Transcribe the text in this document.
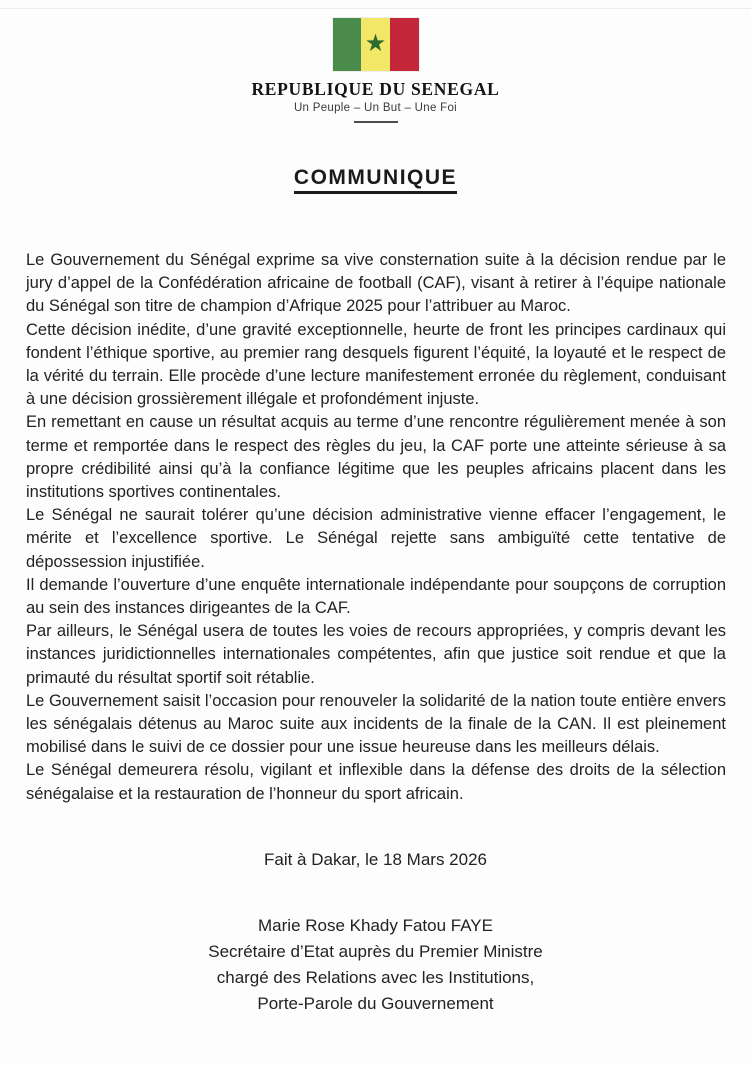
★
REPUBLIQUE DU SENEGAL
Un Peuple – Un But – Une Foi
COMMUNIQUE

Le Gouvernement du Sénégal exprime sa vive consternation suite à la décision rendue par le jury d’appel de la Confédération africaine de football (CAF), visant à retirer à l’équipe nationale du Sénégal son titre de champion d’Afrique 2025 pour l’attribuer au Maroc.

Cette décision inédite, d’une gravité exceptionnelle, heurte de front les principes cardinaux qui fondent l’éthique sportive, au premier rang desquels figurent l’équité, la loyauté et le respect de la vérité du terrain. Elle procède d’une lecture manifestement erronée du règlement, conduisant à une décision grossièrement illégale et profondément injuste.

En remettant en cause un résultat acquis au terme d’une rencontre régulièrement menée à son terme et remportée dans le respect des règles du jeu, la CAF porte une atteinte sérieuse à sa propre crédibilité ainsi qu’à la confiance légitime que les peuples africains placent dans les institutions sportives continentales.

Le Sénégal ne saurait tolérer qu’une décision administrative vienne effacer l’engagement, le mérite et l’excellence sportive. Le Sénégal rejette sans ambiguïté cette tentative de dépossession injustifiée.

Il demande l’ouverture d’une enquête internationale indépendante pour soupçons de corruption au sein des instances dirigeantes de la CAF.

Par ailleurs, le Sénégal usera de toutes les voies de recours appropriées, y compris devant les instances juridictionnelles internationales compétentes, afin que justice soit rendue et que la primauté du résultat sportif soit rétablie.

Le Gouvernement saisit l’occasion pour renouveler la solidarité de la nation toute entière envers les sénégalais détenus au Maroc suite aux incidents de la finale de la CAN. Il est pleinement mobilisé dans le suivi de ce dossier pour une issue heureuse dans les meilleurs délais.

Le Sénégal demeurera résolu, vigilant et inflexible dans la défense des droits de la sélection sénégalaise et la restauration de l’honneur du sport africain.

Fait à Dakar, le 18 Mars 2026
Marie Rose Khady Fatou FAYE
Secrétaire d’Etat auprès du Premier Ministre
chargé des Relations avec les Institutions,
Porte-Parole du Gouvernement
